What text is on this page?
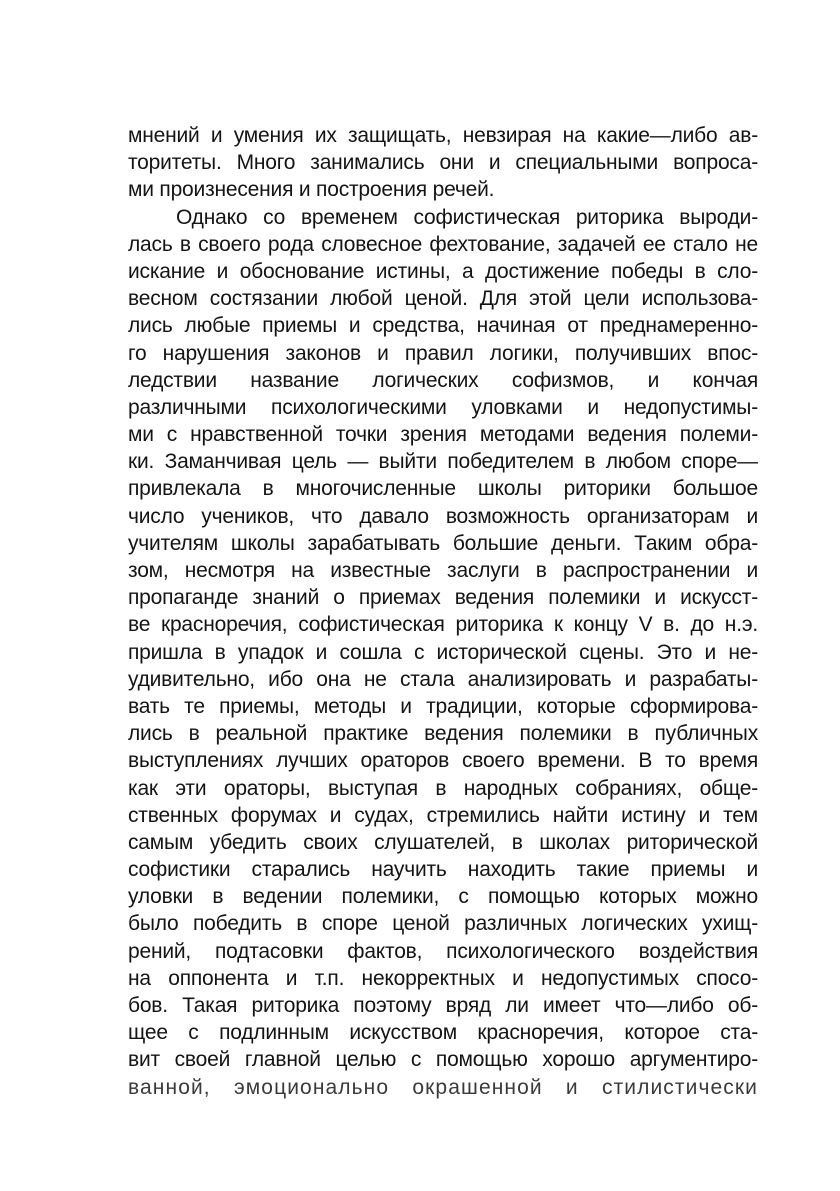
мнений и умения их защищать, невзирая на какие—либо ав-
торитеты. Много занимались они и специальными вопроса-
ми произнесения и построения речей.
Однако со временем софистическая риторика выроди-
лась в своего рода словесное фехтование, задачей ее стало не
искание и обоснование истины, а достижение победы в сло-
весном состязании любой ценой. Для этой цели использова-
лись любые приемы и средства, начиная от преднамеренно-
го нарушения законов и правил логики, получивших впос-
ледствии название логических софизмов, и кончая
различными психологическими уловками и недопустимы-
ми с нравственной точки зрения методами ведения полеми-
ки. Заманчивая цель — выйти победителем в любом споре—
привлекала в многочисленные школы риторики большое
число учеников, что давало возможность организаторам и
учителям школы зарабатывать большие деньги. Таким обра-
зом, несмотря на известные заслуги в распространении и
пропаганде знаний о приемах ведения полемики и искусст-
ве красноречия, софистическая риторика к концу V в. до н.э.
пришла в упадок и сошла с исторической сцены. Это и не-
удивительно, ибо она не стала анализировать и разрабаты-
вать те приемы, методы и традиции, которые сформирова-
лись в реальной практике ведения полемики в публичных
выступлениях лучших ораторов своего времени. В то время
как эти ораторы, выступая в народных собраниях, обще-
ственных форумах и судах, стремились найти истину и тем
самым убедить своих слушателей, в школах риторической
софистики старались научить находить такие приемы и
уловки в ведении полемики, с помощью которых можно
было победить в споре ценой различных логических ухищ-
рений, подтасовки фактов, психологического воздействия
на оппонента и т.п. некорректных и недопустимых спосо-
бов. Такая риторика поэтому вряд ли имеет что—либо об-
щее с подлинным искусством красноречия, которое ста-
вит своей главной целью с помощью хорошо аргументиро-
ванной, эмоционально окрашенной и стилистически
